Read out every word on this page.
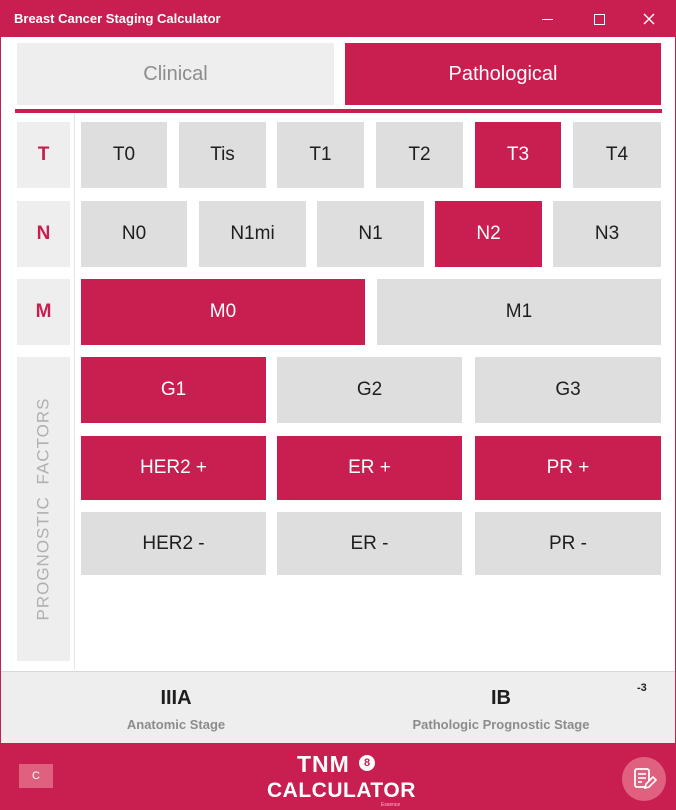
Breast Cancer Staging Calculator
Clinical	Pathological
T
N
M
PROGNOSTIC FACTORS
T0	Tis	T1	T2	T3	T4
N0	N1mi	N1	N2	N3
M0	M1
G1	G2	G3
HER2 +	ER +	PR +
HER2 -	ER -	PR -
IIIA
Anatomic Stage
IB
Pathologic Prognostic Stage
-3
C	TNM	8
CALCULATOR
Essence
